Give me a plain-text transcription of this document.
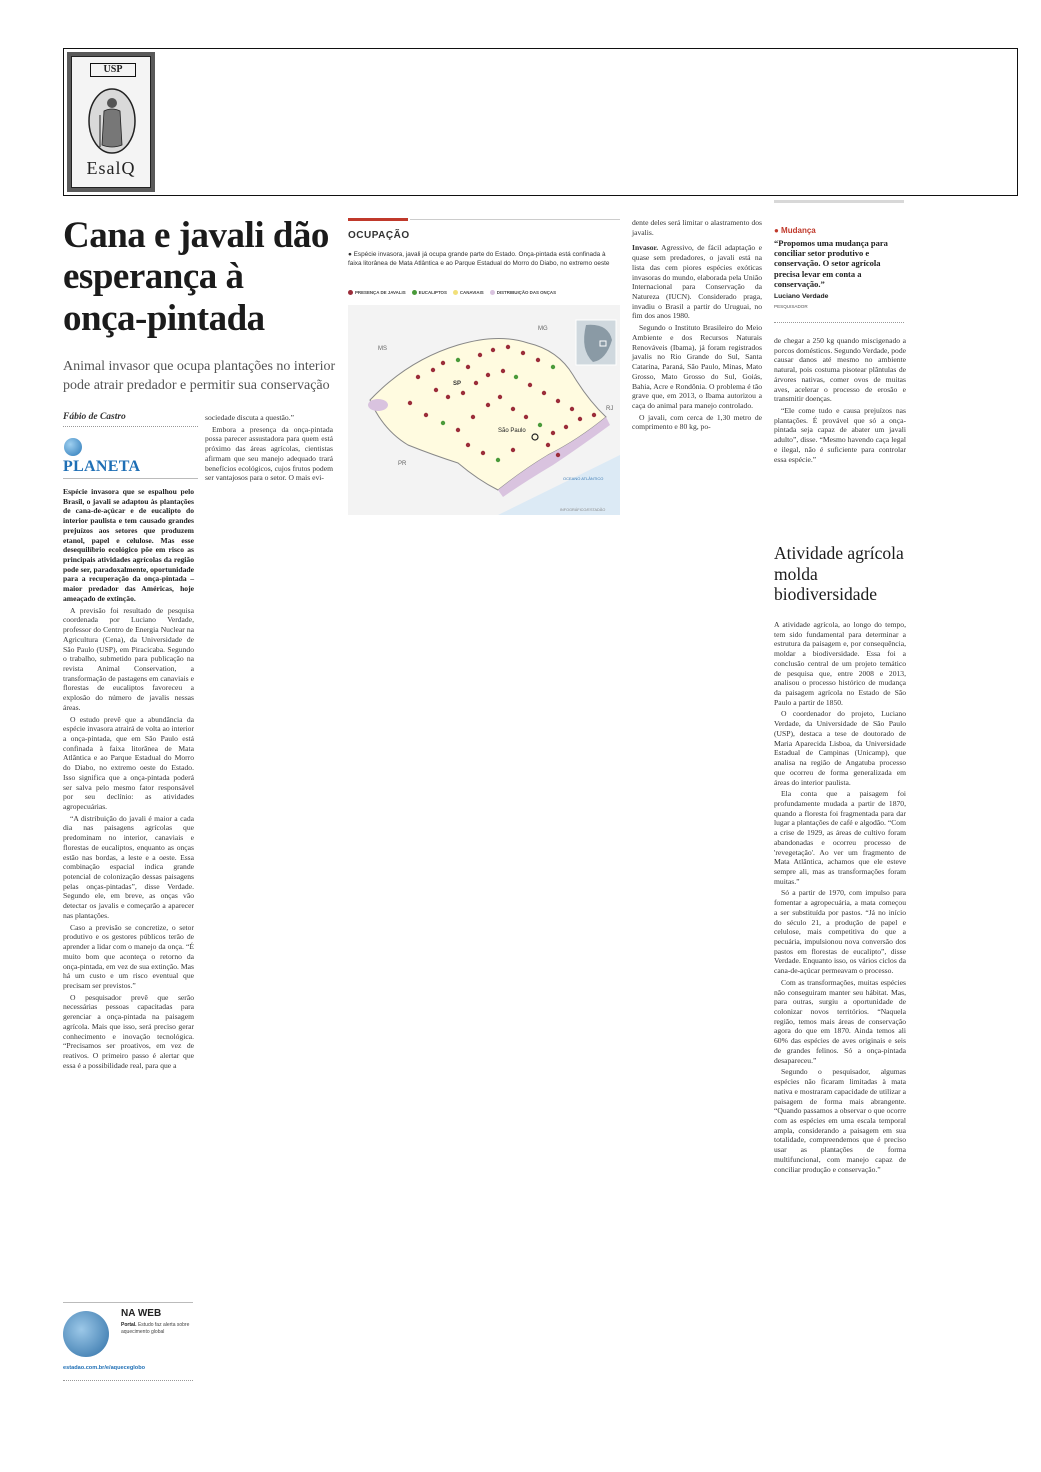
USP
EsalQ
Cana e javali dão esperança à onça-pintada
Animal invasor que ocupa plantações no interior pode atrair predador e permitir sua conservação
Fábio de Castro
PLANETA

Espécie invasora que se espalhou pelo Brasil, o javali se adaptou às plantações de cana-de-açúcar e de eucalipto do interior paulista e tem causado grandes prejuízos aos setores que produzem etanol, papel e celulose. Mas esse desequilíbrio ecológico põe em risco as principais atividades agrícolas da região pode ser, paradoxalmente, oportunidade para a recuperação da onça-pintada – maior predador das Américas, hoje ameaçado de extinção.

A previsão foi resultado de pesquisa coordenada por Luciano Verdade, professor do Centro de Energia Nuclear na Agricultura (Cena), da Universidade de São Paulo (USP), em Piracicaba. Segundo o trabalho, submetido para publicação na revista Animal Conservation, a transformação de pastagens em canaviais e florestas de eucaliptos favoreceu a explosão do número de javalis nessas áreas.

O estudo prevê que a abundância da espécie invasora atrairá de volta ao interior a onça-pintada, que em São Paulo está confinada à faixa litorânea de Mata Atlântica e ao Parque Estadual do Morro do Diabo, no extremo oeste do Estado. Isso significa que a onça-pintada poderá ser salva pelo mesmo fator responsável por seu declínio: as atividades agropecuárias.

“A distribuição do javali é maior a cada dia nas paisagens agrícolas que predominam no interior, canaviais e florestas de eucaliptos, enquanto as onças estão nas bordas, a leste e a oeste. Essa combinação espacial indica grande potencial de colonização dessas paisagens pelas onças-pintadas”, disse Verdade. Segundo ele, em breve, as onças vão detectar os javalis e começarão a aparecer nas plantações.

Caso a previsão se concretize, o setor produtivo e os gestores públicos terão de aprender a lidar com o manejo da onça. “É muito bom que aconteça o retorno da onça-pintada, em vez de sua extinção. Mas há um custo e um risco eventual que precisam ser previstos.”

O pesquisador prevê que serão necessárias pessoas capacitadas para gerenciar a onça-pintada na paisagem agrícola. Mais que isso, será preciso gerar conhecimento e inovação tecnológica. “Precisamos ser proativos, em vez de reativos. O primeiro passo é alertar que essa é a possibilidade real, para que a

sociedade discuta a questão.”

Embora a presença da onça-pintada possa parecer assustadora para quem está próximo das áreas agrícolas, cientistas afirmam que seu manejo adequado trará benefícios ecológicos, cujos frutos podem ser vantajosos para o setor. O mais evi-

OCUPAÇÃO
● Espécie invasora, javali já ocupa grande parte do Estado. Onça-pintada está confinada à faixa litorânea de Mata Atlântica e ao Parque Estadual do Morro do Diabo, no extremo oeste
PRESENÇA DE JAVALIS	EUCALIPTOS	CANAVIAIS	DISTRIBUIÇÃO DAS ONÇAS
MS
MG
SP
RJ
PR
São Paulo
OCEANO ATLÂNTICO
INFOGRÁFICO/ESTADÃO

dente deles será limitar o alastramento dos javalis.

Invasor. Agressivo, de fácil adaptação e quase sem predadores, o javali está na lista das cem piores espécies exóticas invasoras do mundo, elaborada pela União Internacional para Conservação da Natureza (IUCN). Considerado praga, invadiu o Brasil a partir do Uruguai, no fim dos anos 1980.

Segundo o Instituto Brasileiro do Meio Ambiente e dos Recursos Naturais Renováveis (Ibama), já foram registrados javalis no Rio Grande do Sul, Santa Catarina, Paraná, São Paulo, Minas, Mato Grosso, Mato Grosso do Sul, Goiás, Bahia, Acre e Rondônia. O problema é tão grave que, em 2013, o Ibama autorizou a caça do animal para manejo controlado.

O javali, com cerca de 1,30 metro de comprimento e 80 kg, po-

● Mudança
“Propomos uma mudança para conciliar setor produtivo e conservação. O setor agrícola precisa levar em conta a conservação.”
Luciano Verdade
PESQUISADOR

de chegar a 250 kg quando miscigenado a porcos domésticos. Segundo Verdade, pode causar danos até mesmo no ambiente natural, pois costuma pisotear plântulas de árvores nativas, comer ovos de muitas aves, acelerar o processo de erosão e transmitir doenças.

“Ele come tudo e causa prejuízos nas plantações. É provável que só a onça-pintada seja capaz de abater um javali adulto”, disse. “Mesmo havendo caça legal e ilegal, não é suficiente para controlar essa espécie.”

Atividade agrícola molda biodiversidade

A atividade agrícola, ao longo do tempo, tem sido fundamental para determinar a estrutura da paisagem e, por consequência, moldar a biodiversidade. Essa foi a conclusão central de um projeto temático de pesquisa que, entre 2008 e 2013, analisou o processo histórico de mudança da paisagem agrícola no Estado de São Paulo a partir de 1850.

O coordenador do projeto, Luciano Verdade, da Universidade de São Paulo (USP), destaca a tese de doutorado de Maria Aparecida Lisboa, da Universidade Estadual de Campinas (Unicamp), que analisa na região de Angatuba processo que ocorreu de forma generalizada em áreas do interior paulista.

Ela conta que a paisagem foi profundamente mudada a partir de 1870, quando a floresta foi fragmentada para dar lugar a plantações de café e algodão. “Com a crise de 1929, as áreas de cultivo foram abandonadas e ocorreu processo de 'revegetação'. Ao ver um fragmento de Mata Atlântica, achamos que ele esteve sempre ali, mas as transformações foram muitas.”

Só a partir de 1970, com impulso para fomentar a agropecuária, a mata começou a ser substituída por pastos. “Já no início do século 21, a produção de papel e celulose, mais competitiva do que a pecuária, impulsionou nova conversão dos pastos em florestas de eucalipto”, disse Verdade. Enquanto isso, os vários ciclos da cana-de-açúcar permeavam o processo.

Com as transformações, muitas espécies não conseguiram manter seu hábitat. Mas, para outras, surgiu a oportunidade de colonizar novos territórios. “Naquela região, temos mais áreas de conservação agora do que em 1870. Ainda temos ali 60% das espécies de aves originais e seis de grandes felinos. Só a onça-pintada desapareceu.”

Segundo o pesquisador, algumas espécies não ficaram limitadas à mata nativa e mostraram capacidade de utilizar a paisagem de forma mais abrangente. “Quando passamos a observar o que ocorre com as espécies em uma escala temporal ampla, considerando a paisagem em sua totalidade, compreendemos que é preciso usar as plantações de forma multifuncional, com manejo capaz de conciliar produção e conservação.”

NA WEB
Portal. Estudo faz alerta sobre aquecimento global
estadao.com.br/e/aqueceglobo
